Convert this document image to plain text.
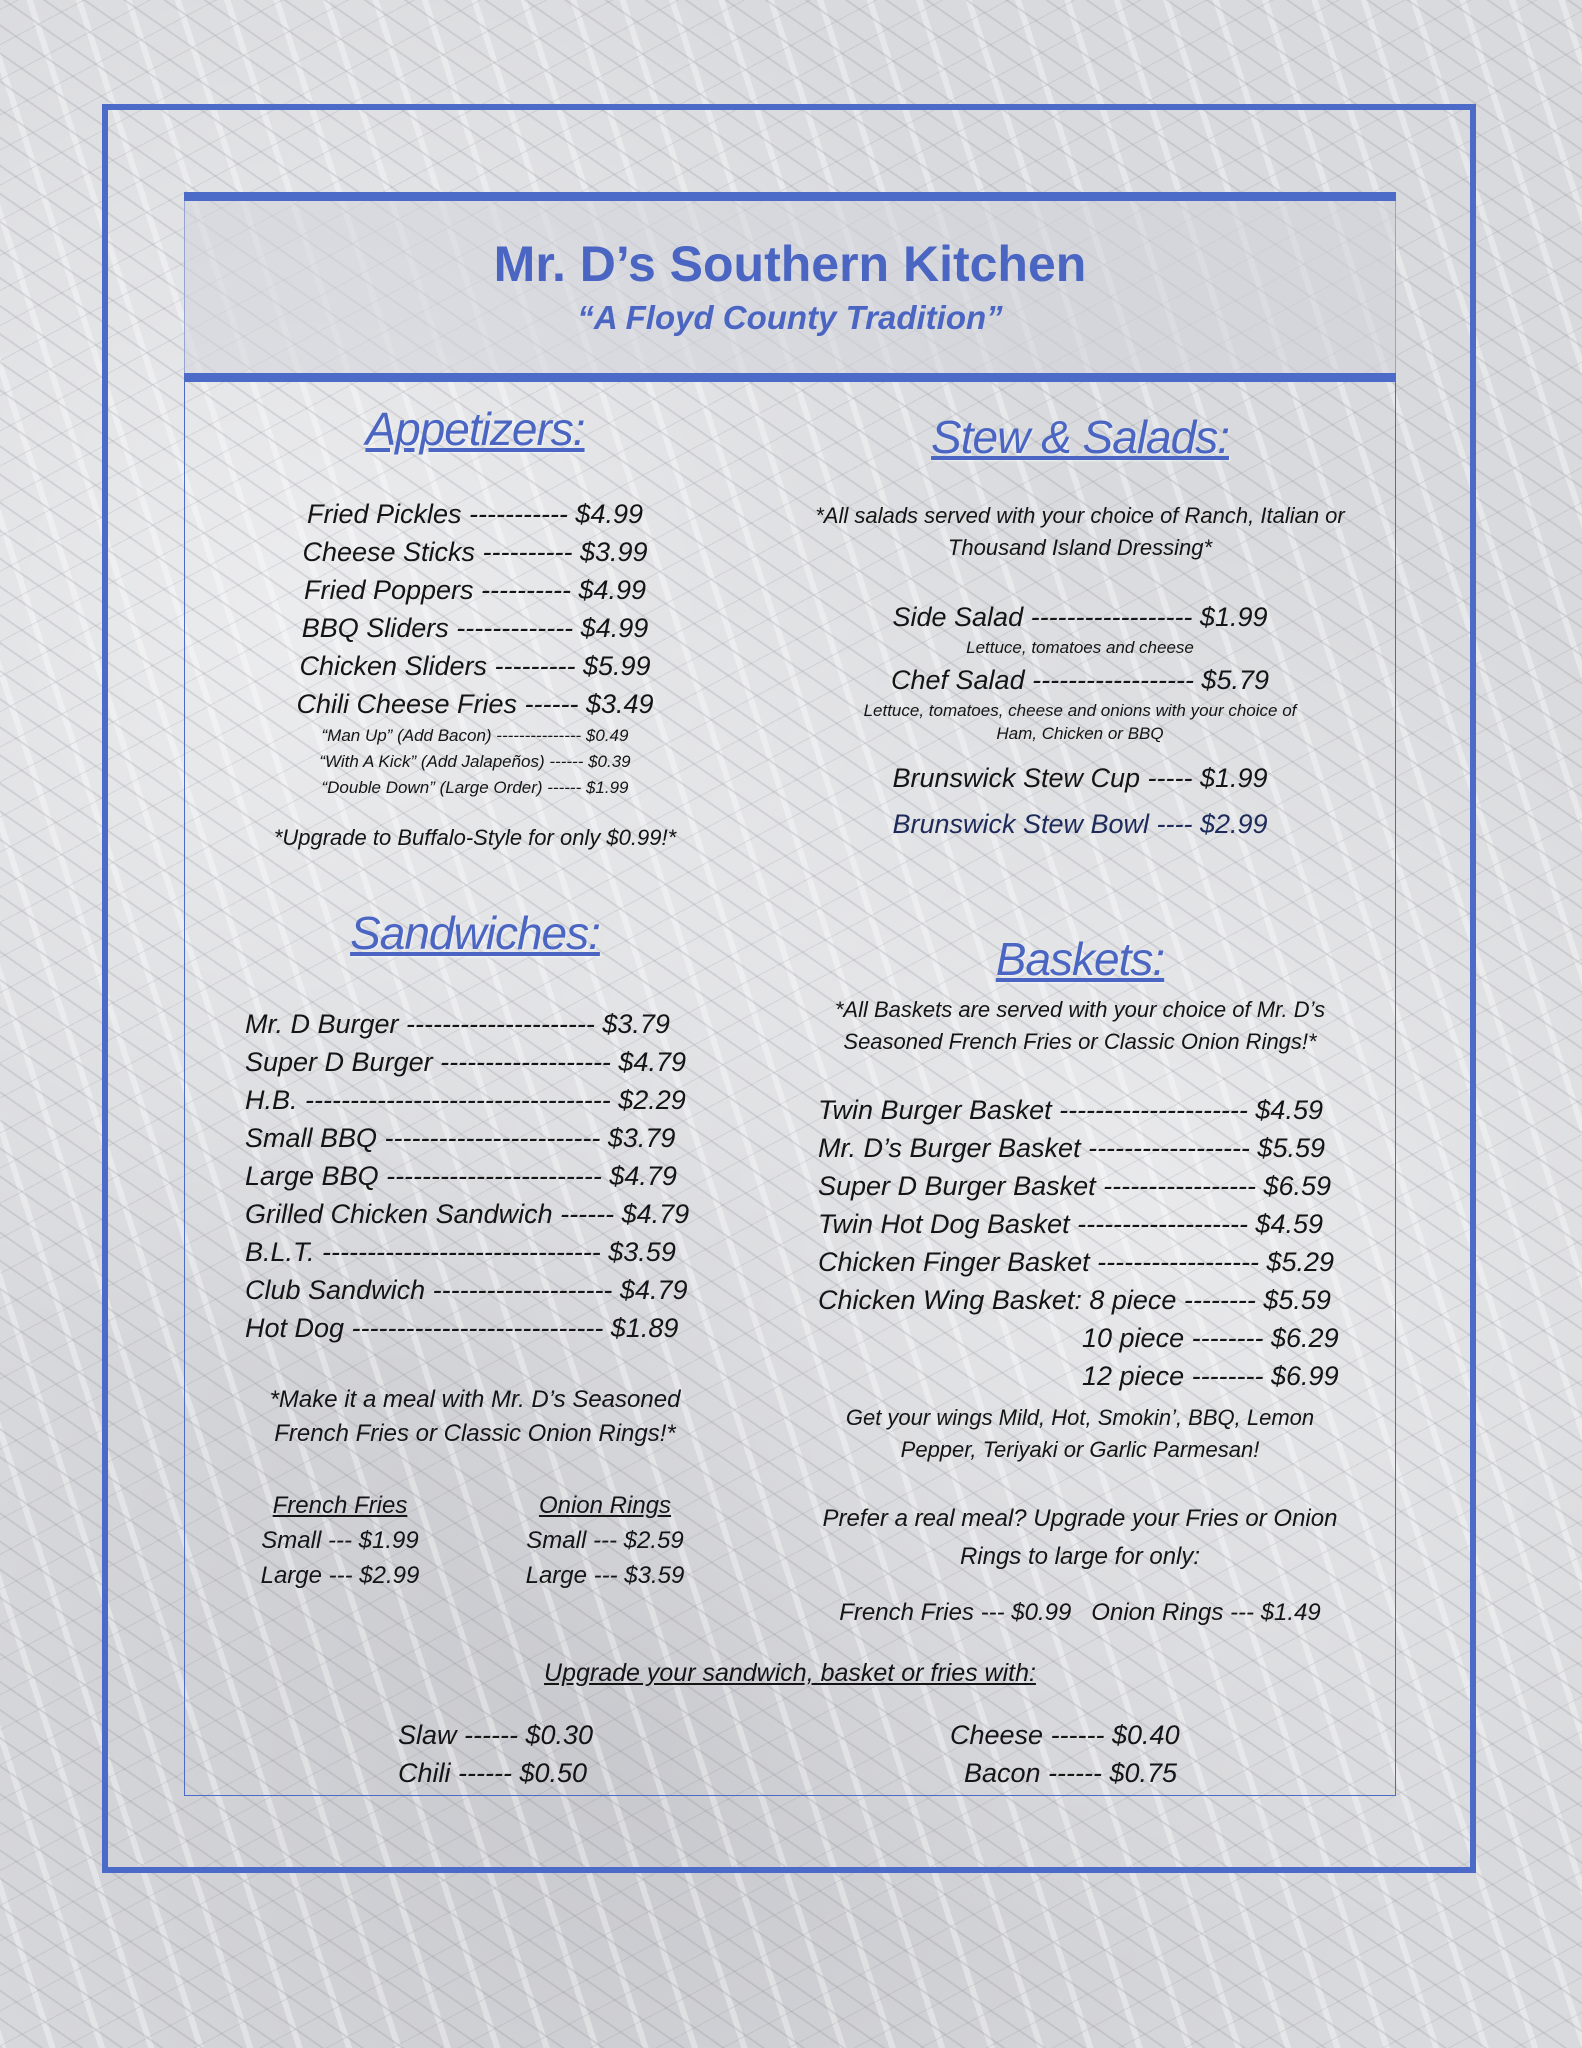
Mr. D’s Southern Kitchen
“A Floyd County Tradition”
Appetizers:
Fried Pickles ----------- $4.99
Cheese Sticks ---------- $3.99
Fried Poppers ---------- $4.99
BBQ Sliders ------------- $4.99
Chicken Sliders --------- $5.99
Chili Cheese Fries ------ $3.49
“Man Up” (Add Bacon) --------------- $0.49
“With A Kick” (Add Jalapeños) ------ $0.39
“Double Down” (Large Order) ------ $1.99
*Upgrade to Buffalo-Style for only $0.99!*
Stew & Salads:
*All salads served with your choice of Ranch, Italian or Thousand Island Dressing*
Side Salad ------------------ $1.99
Lettuce, tomatoes and cheese
Chef Salad ------------------ $5.79
Lettuce, tomatoes, cheese and onions with your choice of Ham, Chicken or BBQ
Brunswick Stew Cup ----- $1.99
Brunswick Stew Bowl ---- $2.99
Sandwiches:
Mr. D Burger --------------------- $3.79
Super D Burger ------------------- $4.79
H.B. ---------------------------------- $2.29
Small BBQ ------------------------ $3.79
Large BBQ ------------------------ $4.79
Grilled Chicken Sandwich ------ $4.79
B.L.T. ------------------------------- $3.59
Club Sandwich -------------------- $4.79
Hot Dog ---------------------------- $1.89
*Make it a meal with Mr. D’s Seasoned French Fries or Classic Onion Rings!*
French Fries
Small --- $1.99
Large --- $2.99
Onion Rings
Small --- $2.59
Large --- $3.59
Baskets:
*All Baskets are served with your choice of Mr. D’s Seasoned French Fries or Classic Onion Rings!*
Twin Burger Basket --------------------- $4.59
Mr. D’s Burger Basket ------------------ $5.59
Super D Burger Basket ----------------- $6.59
Twin Hot Dog Basket ------------------- $4.59
Chicken Finger Basket ------------------ $5.29
Chicken Wing Basket: 8 piece -------- $5.59
10 piece -------- $6.29
12 piece -------- $6.99
Get your wings Mild, Hot, Smokin’, BBQ, Lemon Pepper, Teriyaki or Garlic Parmesan!
Prefer a real meal? Upgrade your Fries or Onion Rings to large for only:
French Fries --- $0.99   Onion Rings --- $1.49
Upgrade your sandwich, basket or fries with:
Slaw ------ $0.30
Chili ------ $0.50
Cheese ------ $0.40
Bacon ------ $0.75
